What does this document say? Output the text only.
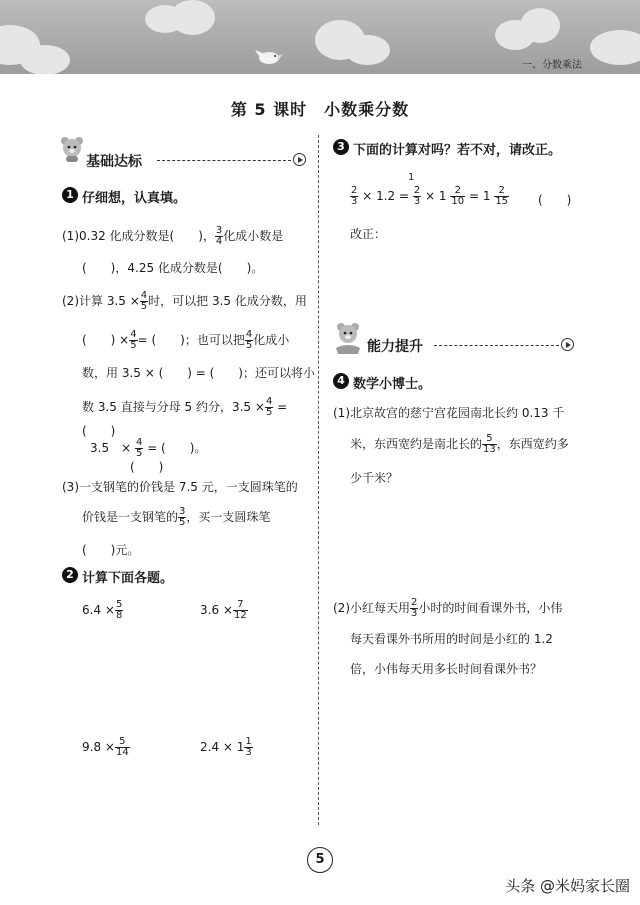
一、分数乘法
第 5 课时　小数乘分数
基础达标
1 仔细想，认真填。
(1)0.32 化成分数是(　　)， $\frac{3}{4}$ 化成小数是
(　　)，4.25 化成分数是(　　)。
(2)计算 $3.5 \times \frac{4}{5}$ 时，可以把 3.5 化成分数，用
(　　) × $\frac{4}{5}$ = (　　)；也可以把 $\frac{4}{5}$ 化成小
数，用 3.5 × (　　) = (　　)；还可以将小
数 3.5 直接与分母 5 约分，$3.5 \times \frac{4}{5}$ =
(　　)
3.5　 × $\frac{4}{5}$ = (　　)。
(　　)
(3)一支钢笔的价钱是 7.5 元，一支圆珠笔的
价钱是一支钢笔的 $\frac{3}{5}$ ，买一支圆珠笔
(　　)元。
2 计算下面各题。
$6.4 \times \frac{5}{8}$	$3.6 \times \frac{7}{12}$
$9.8 \times \frac{5}{14}$	$2.4 \times 1 \frac{1}{3}$
3 下面的计算对吗？若不对，请改正。
1
$\frac{2}{3} \times 1.2 = \frac{2}{3} \times 1 \frac{2}{10} = 1 \frac{2}{15}$ (　　)
改正：
能力提升
4 数学小博士。
(1)北京故宫的慈宁宫花园南北长约 0.13 千
米，东西宽约是南北长的 $\frac{5}{13}$ ，东西宽约多
少千米？
(2)小红每天用 $\frac{2}{3}$ 小时的时间看课外书，小伟
每天看课外书所用的时间是小红的 1.2
倍，小伟每天用多长时间看课外书？
5
头条 @米妈家长圈
